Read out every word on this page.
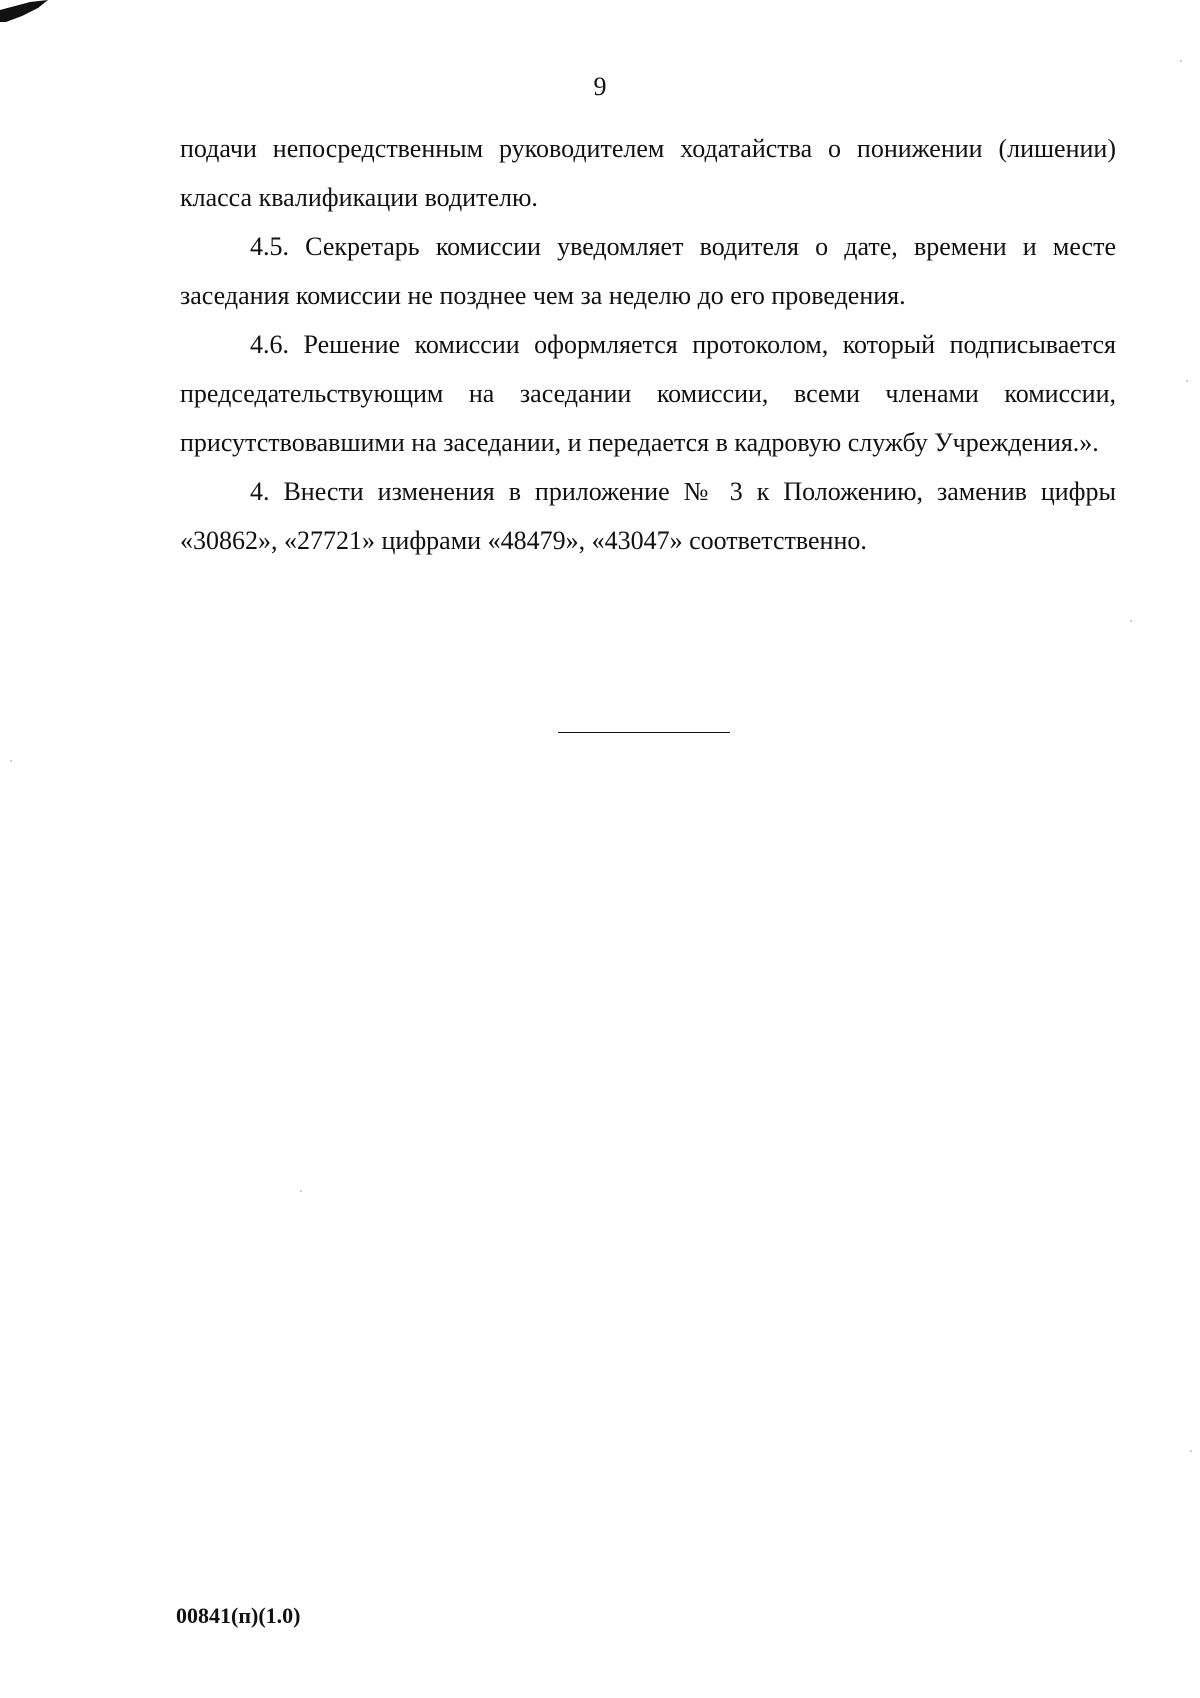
9

подачи непосредственным руководителем ходатайства о понижении (лишении) класса квалификации водителю.

4.5. Секретарь комиссии уведомляет водителя о дате, времени и месте заседания комиссии не позднее чем за неделю до его проведения.

4.6. Решение комиссии оформляется протоколом, который подписывается председательствующим на заседании комиссии, всеми членами комиссии, присутствовавшими на заседании, и передается в кадровую службу Учреждения.».

4. Внести изменения в приложение № 3 к Положению, заменив цифры «30862», «27721» цифрами «48479», «43047» соответственно.

00841(п)(1.0)
